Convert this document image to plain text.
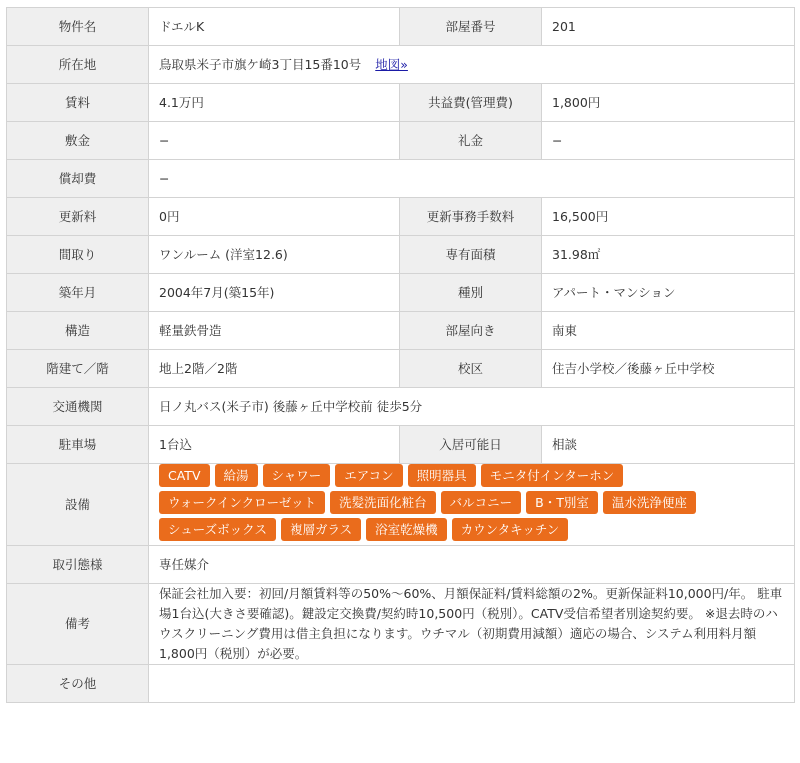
物件名	ドエルK	部屋番号	201
所在地	鳥取県米子市旗ケ崎3丁目15番10号 地図»		
賃料	4.1万円	共益費(管理費)	1,800円
敷金	−	礼金	−
償却費	−		
更新料	0円	更新事務手数料	16,500円
間取り	ワンルーム (洋室12.6)	専有面積	31.98㎡
築年月	2004年7月(築15年)	種別	アパート・マンション
構造	軽量鉄骨造	部屋向き	南東
階建て／階	地上2階／2階	校区	住吉小学校／後藤ヶ丘中学校
交通機関	日ノ丸バス(米子市) 後藤ヶ丘中学校前 徒歩5分		
駐車場	1台込	入居可能日	相談
設備	CATV 給湯 シャワー エアコン 照明器具 モニタ付インターホン
ウォークインクローゼット 洗髪洗面化粧台 バルコニー B・T別室 温水洗浄便座
シューズボックス 複層ガラス 浴室乾燥機 カウンタキッチン		
取引態様	専任媒介		
備考	保証会社加入要：初回/月額賃料等の50%～60%、月額保証料/賃料総額の2%。更新保証料10,000円/年。 駐車場1台込(大きさ要確認)。鍵設定交換費/契約時10,500円（税別）。CATV受信希望者別途契約要。 ※退去時のハウスクリーニング費用は借主負担になります。ウチマル（初期費用減額）適応の場合、システム利用料月額1,800円（税別）が必要。		
その他			
